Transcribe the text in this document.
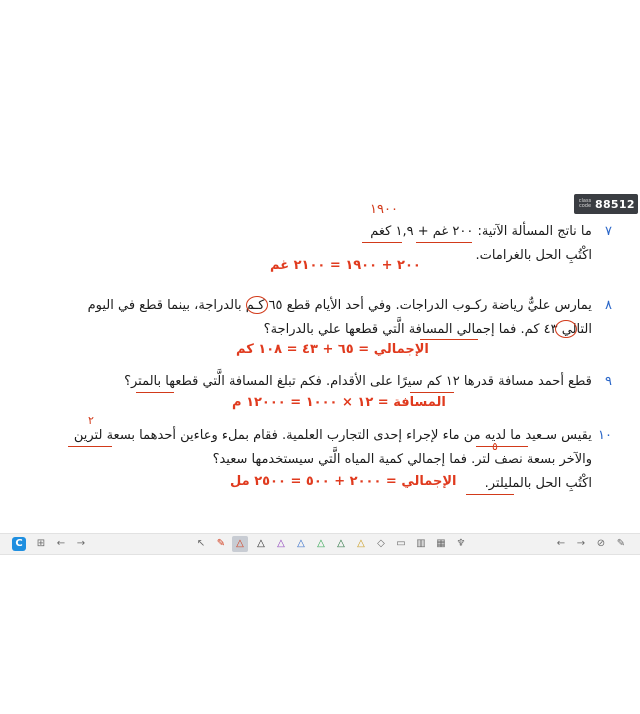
class
code 88512
١٩٠٠
٧ ما ناتج المسألة الآتية: ٢٠٠ غم + ١,٩ كغم
اكْتُبِ الحل بالغرامات.
٢٠٠ + ١٩٠٠ = ٢١٠٠ غم
٨ يمارس عليٌّ رياضة ركـوب الدراجات. وفي أحد الأيام قطع ٦٥ كـم بالدراجة، بينما قطع في اليوم
التالي ٤٣ كم. فما إجمالي المسافة الَّتي قطعها علي بالدراجة؟
الإجمالي = ٦٥ + ٤٣ = ١٠٨ كم
٩ قطع أحمد مسافة قدرها ١٢ كم سيرًا على الأقدام. فكم تبلغ المسافة الَّتي قطعها بالمتر؟
المسافة = ١٢ × ١٠٠٠ = ١٢٠٠٠ م
٢
١٠ يقيس سـعيد ما لديه من ماء لإجراء إحدى التجارب العلمية. فقام بملء وعاءين أحدهما بسعة لترين
والآخر بسعة نصف لتر. فما إجمالي كمية المياه الَّتي سيستخدمها سعيد؟
اكْتُبِ الحل بالمليلتر.
الإجمالي = ٢٠٠٠ + ٥٠٠ = ٢٥٠٠ مل
C	⊞ ← →	↖ ✎	△	△	△	△	△	△	△	◇	▭ ▥ ▦ ♆	← → ⊘ ✎
